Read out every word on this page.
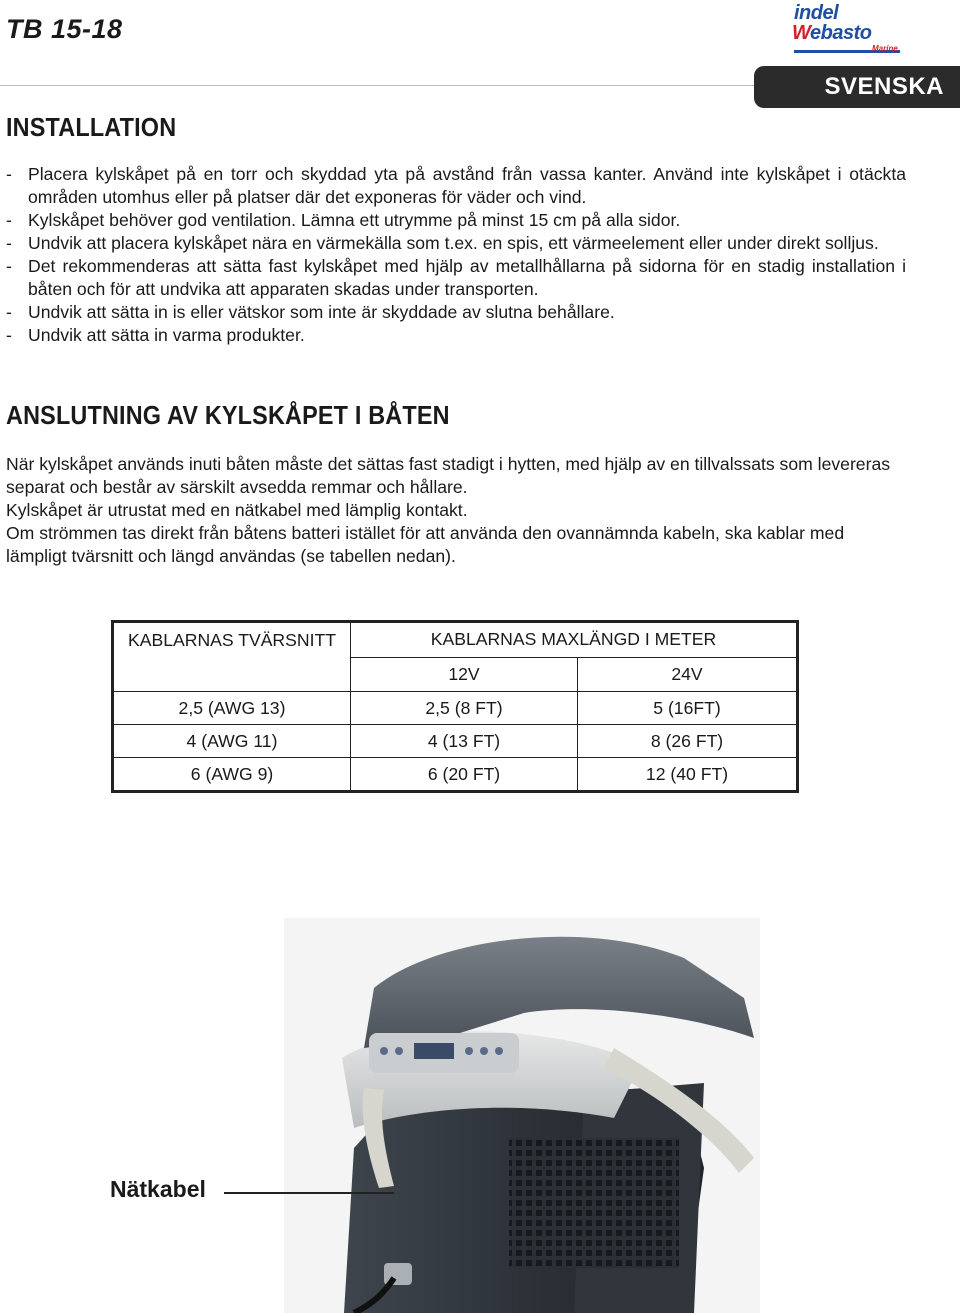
TB 15-18
indel
Webasto
Marine
SVENSKA
INSTALLATION
- Placera kylskåpet på en torr och skyddad yta på avstånd från vassa kanter. Använd inte kylskåpet i otäckta områden utomhus eller på platser där det exponeras för väder och vind.
- Kylskåpet behöver god ventilation. Lämna ett utrymme på minst 15 cm på alla sidor.
- Undvik att placera kylskåpet nära en värmekälla som t.ex. en spis, ett värmeelement eller under direkt solljus.
- Det rekommenderas att sätta fast kylskåpet med hjälp av metallhållarna på sidorna för en stadig installation i båten och för att undvika att apparaten skadas under transporten.
- Undvik att sätta in is eller vätskor som inte är skyddade av slutna behållare.
- Undvik att sätta in varma produkter.
ANSLUTNING AV KYLSKÅPET I BÅTEN

När kylskåpet används inuti båten måste det sättas fast stadigt i hytten, med hjälp av en tillvalssats som levereras separat och består av särskilt avsedda remmar och hållare.

Kylskåpet är utrustat med en nätkabel med lämplig kontakt.

Om strömmen tas direkt från båtens batteri istället för att använda den ovannämnda kabeln, ska kablar med lämpligt tvärsnitt och längd användas (se tabellen nedan).

KABLARNAS TVÄRSNITT	KABLARNAS MAXLÄNGD I METER	
	12V	24V
2,5 (AWG 13)	2,5 (8 FT)	5 (16FT)
4 (AWG 11)	4 (13 FT)	8 (26 FT)
6 (AWG 9)	6 (20 FT)	12 (40 FT)
Nätkabel
